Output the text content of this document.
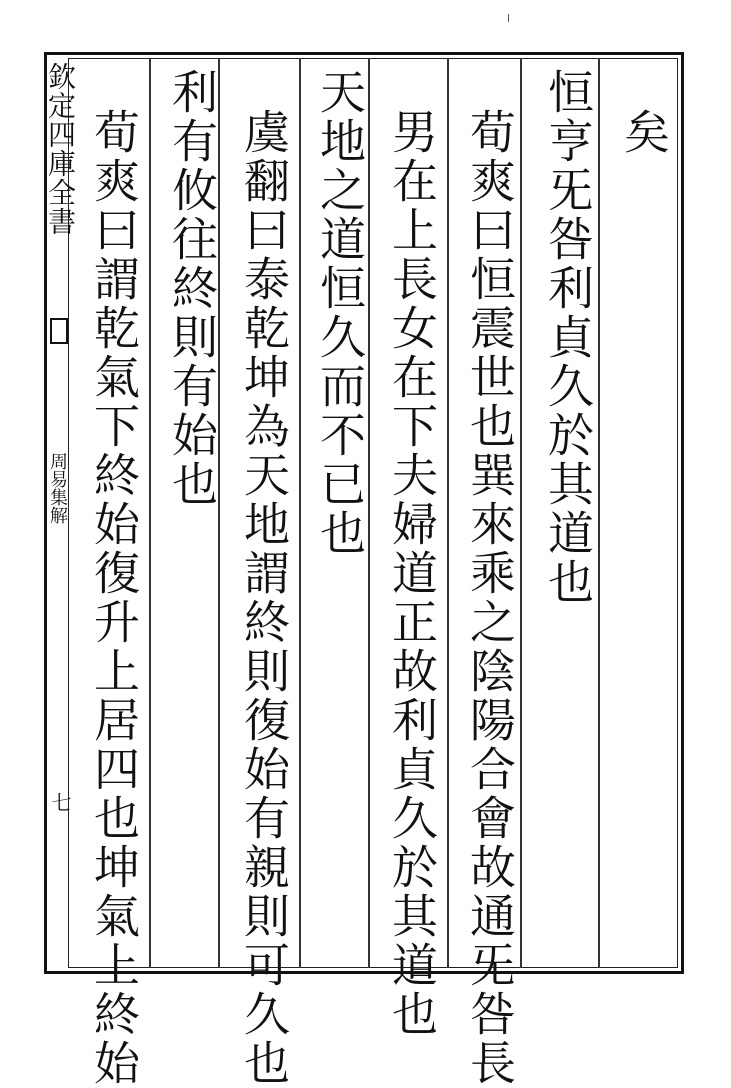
欽定四庫全書
周易集解
七
矣
恒亨旡咎利貞久於其道也
荀爽曰恒震世也巽來乘之陰陽合會故通旡咎長
男在上長女在下夫婦道正故利貞久於其道也
天地之道恒久而不已也
虞翻曰泰乾坤為天地謂終則復始有親則可久也
利有攸往終則有始也
荀爽曰謂乾氣下終始復升上居四也坤氣上終始
